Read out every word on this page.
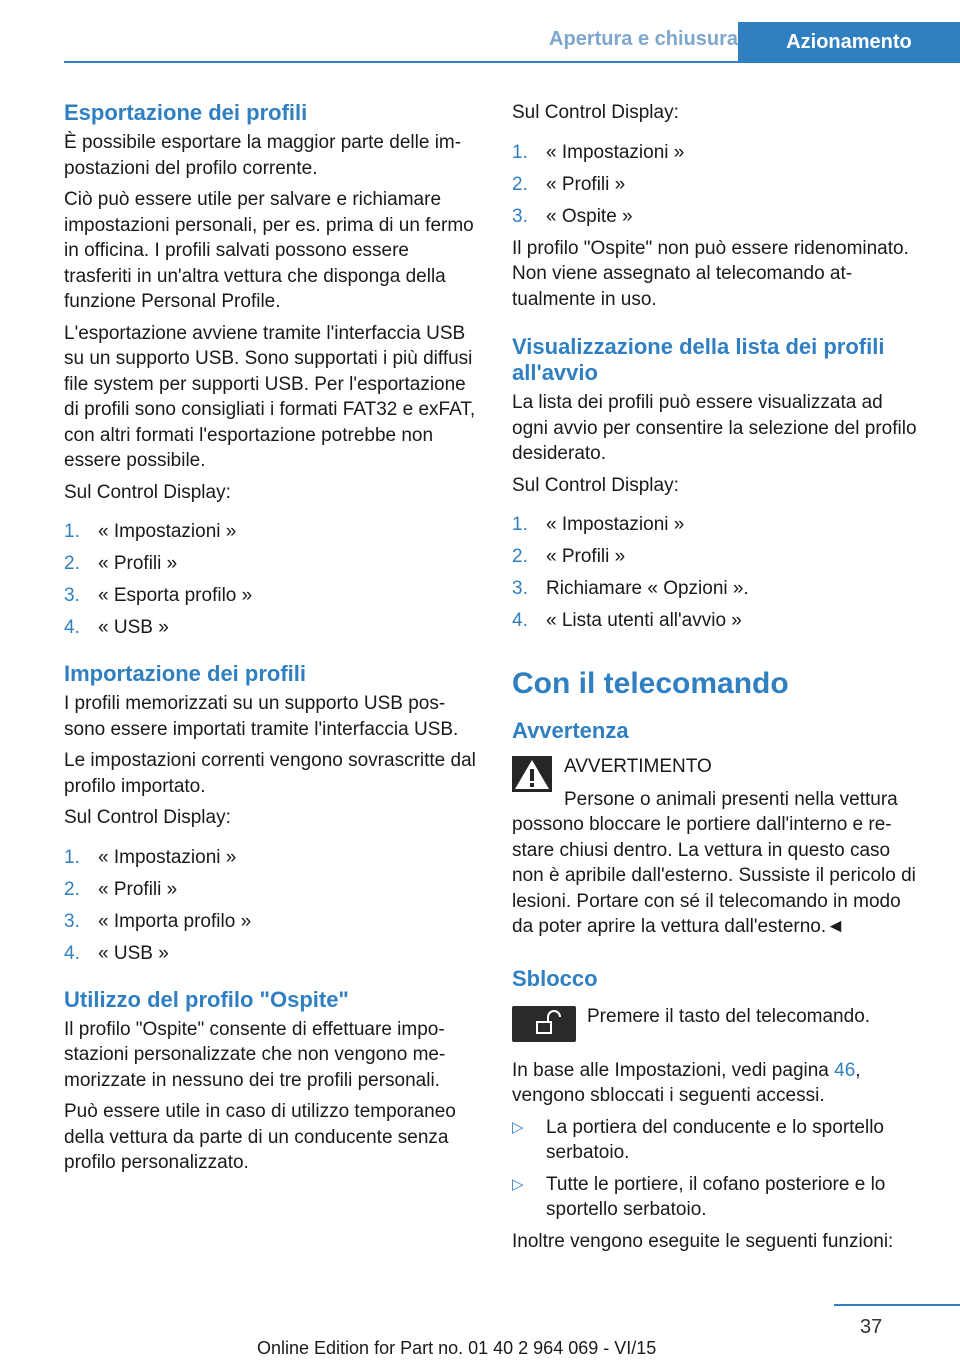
Apertura e chiusura	Azionamento
Esportazione dei profili

È possibile esportare la maggior parte delle impostazioni del profilo corrente.

Ciò può essere utile per salvare e richiamare impostazioni personali, per es. prima di un fermo in officina. I profili salvati possono essere trasferiti in un'altra vettura che disponga della funzione Personal Profile.

L'esportazione avviene tramite l'interfaccia USB su un supporto USB. Sono supportati i più diffusi file system per supporti USB. Per l'esportazione di profili sono consigliati i formati FAT32 e exFAT, con altri formati l'esportazione potrebbe non essere possibile.

Sul Control Display:

1. « Impostazioni »
2. « Profili »
3. « Esporta profilo »
4. « USB »
Importazione dei profili

I profili memorizzati su un supporto USB possono essere importati tramite l'interfaccia USB.

Le impostazioni correnti vengono sovrascritte dal profilo importato.

Sul Control Display:

1. « Impostazioni »
2. « Profili »
3. « Importa profilo »
4. « USB »
Utilizzo del profilo "Ospite"

Il profilo "Ospite" consente di effettuare impostazioni personalizzate che non vengono memorizzate in nessuno dei tre profili personali.

Può essere utile in caso di utilizzo temporaneo della vettura da parte di un conducente senza profilo personalizzato.

Sul Control Display:

1. « Impostazioni »
2. « Profili »
3. « Ospite »

Il profilo "Ospite" non può essere ridenominato. Non viene assegnato al telecomando attualmente in uso.

Visualizzazione della lista dei profili all'avvio

La lista dei profili può essere visualizzata ad ogni avvio per consentire la selezione del profilo desiderato.

Sul Control Display:

1. « Impostazioni »
2. « Profili »
3. Richiamare « Opzioni ».
4. « Lista utenti all'avvio »
Con il telecomando
Avvertenza

AVVERTIMENTO

Persone o animali presenti nella vettura possono bloccare le portiere dall'interno e restare chiusi dentro. La vettura in questo caso non è apribile dall'esterno. Sussiste il pericolo di lesioni. Portare con sé il telecomando in modo da poter aprire la vettura dall'esterno.◄

Sblocco

Premere il tasto del telecomando.

In base alle Impostazioni, vedi pagina 46, vengono sbloccati i seguenti accessi.

▷	La portiera del conducente e lo sportello serbatoio.
▷	Tutte le portiere, il cofano posteriore e lo sportello serbatoio.

Inoltre vengono eseguite le seguenti funzioni:

37
Online Edition for Part no. 01 40 2 964 069 - VI/15
